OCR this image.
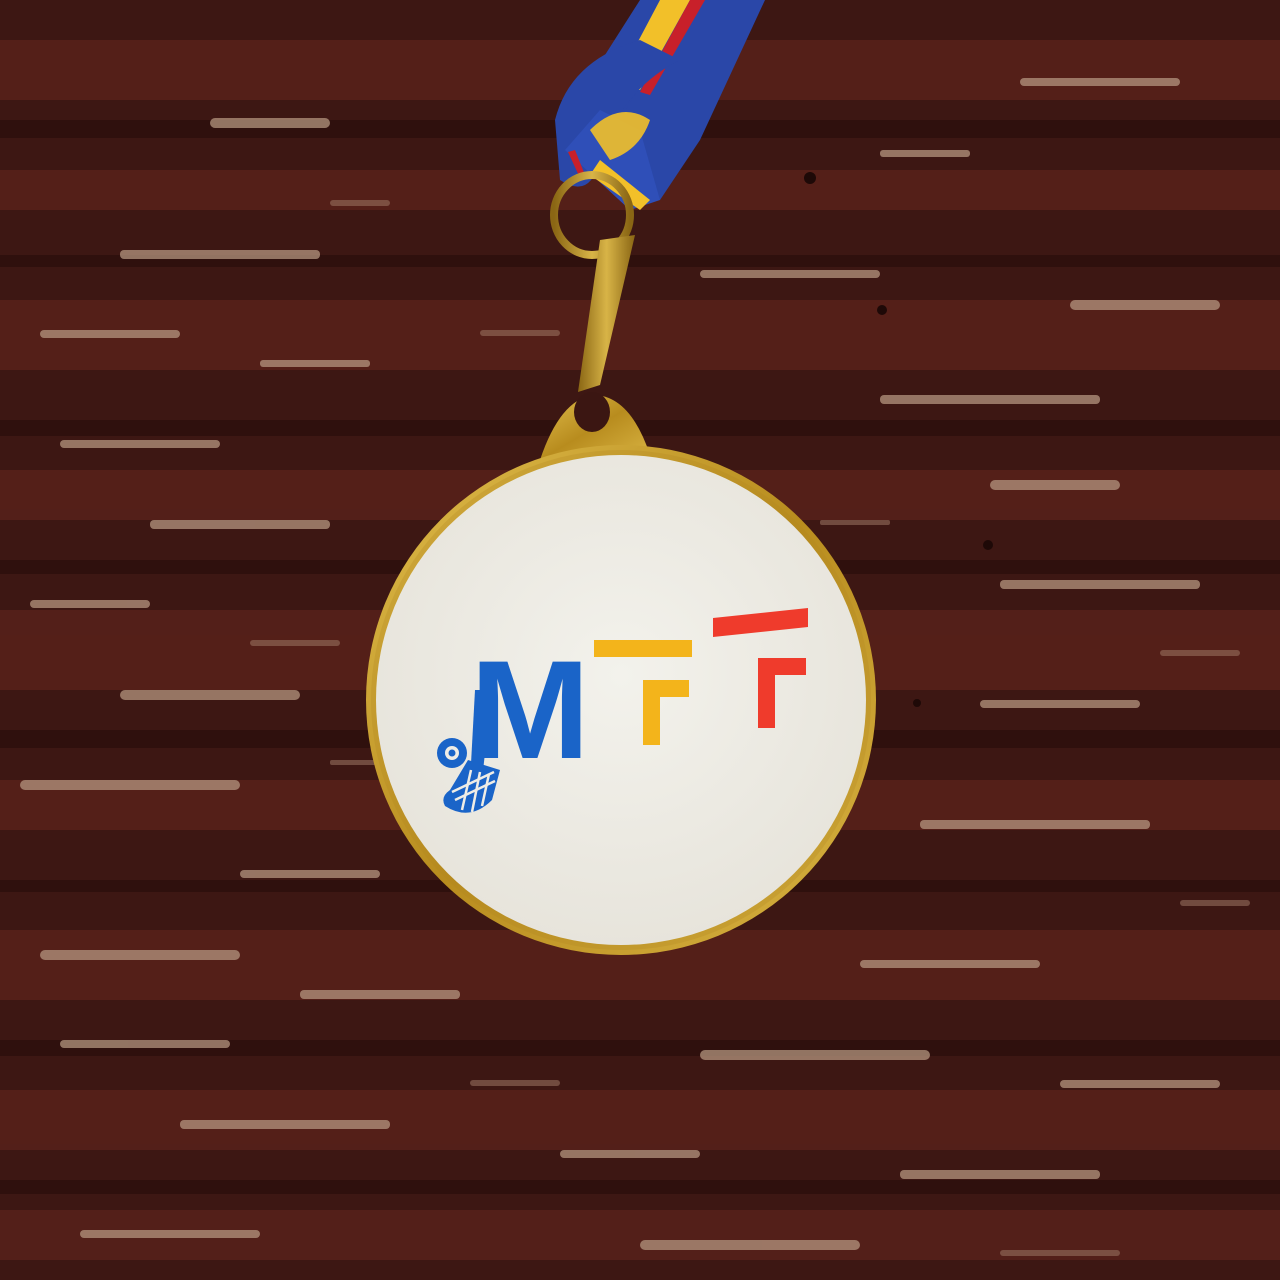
M
